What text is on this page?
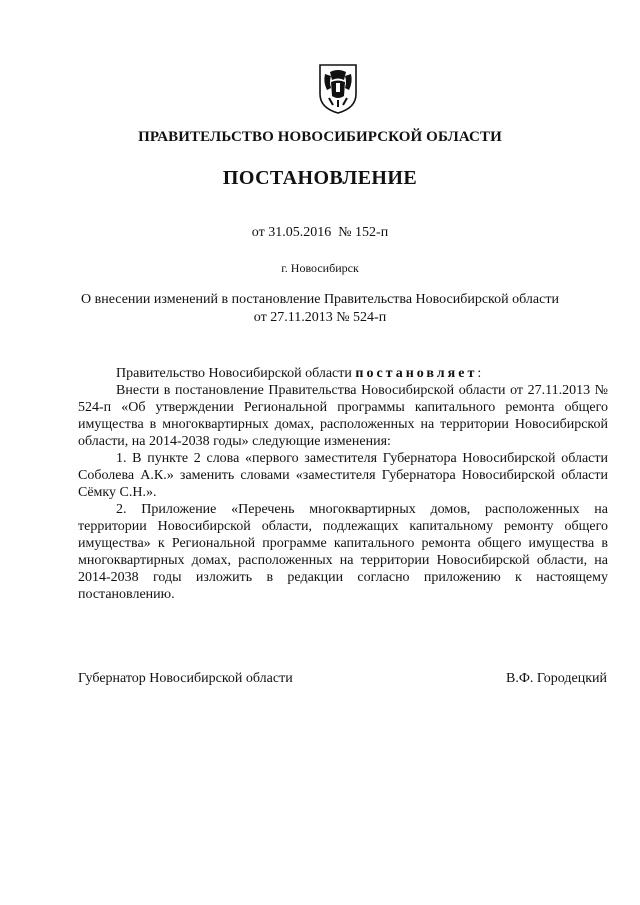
ПРАВИТЕЛЬСТВО НОВОСИБИРСКОЙ ОБЛАСТИ
ПОСТАНОВЛЕНИЕ
от 31.05.2016  № 152-п
г. Новосибирск
О внесении изменений в постановление Правительства Новосибирской области
от 27.11.2013 № 524-п

Правительство Новосибирской области постановляет:

Внести в постановление Правительства Новосибирской области от 27.11.2013 № 524-п «Об утверждении Региональной программы капитального ремонта общего имущества в многоквартирных домах, расположенных на территории Новосибирской области, на 2014-2038 годы» следующие изменения:

1. В пункте 2 слова «первого заместителя Губернатора Новосибирской области Соболева А.К.» заменить словами «заместителя Губернатора Новосибирской области Сёмку С.Н.».

2. Приложение «Перечень многоквартирных домов, расположенных на территории Новосибирской области, подлежащих капитальному ремонту общего имущества» к Региональной программе капитального ремонта общего имущества в многоквартирных домах, расположенных на территории Новосибирской области, на 2014-2038 годы изложить в редакции согласно приложению к настоящему постановлению.

Губернатор Новосибирской области	В.Ф. Городецкий
